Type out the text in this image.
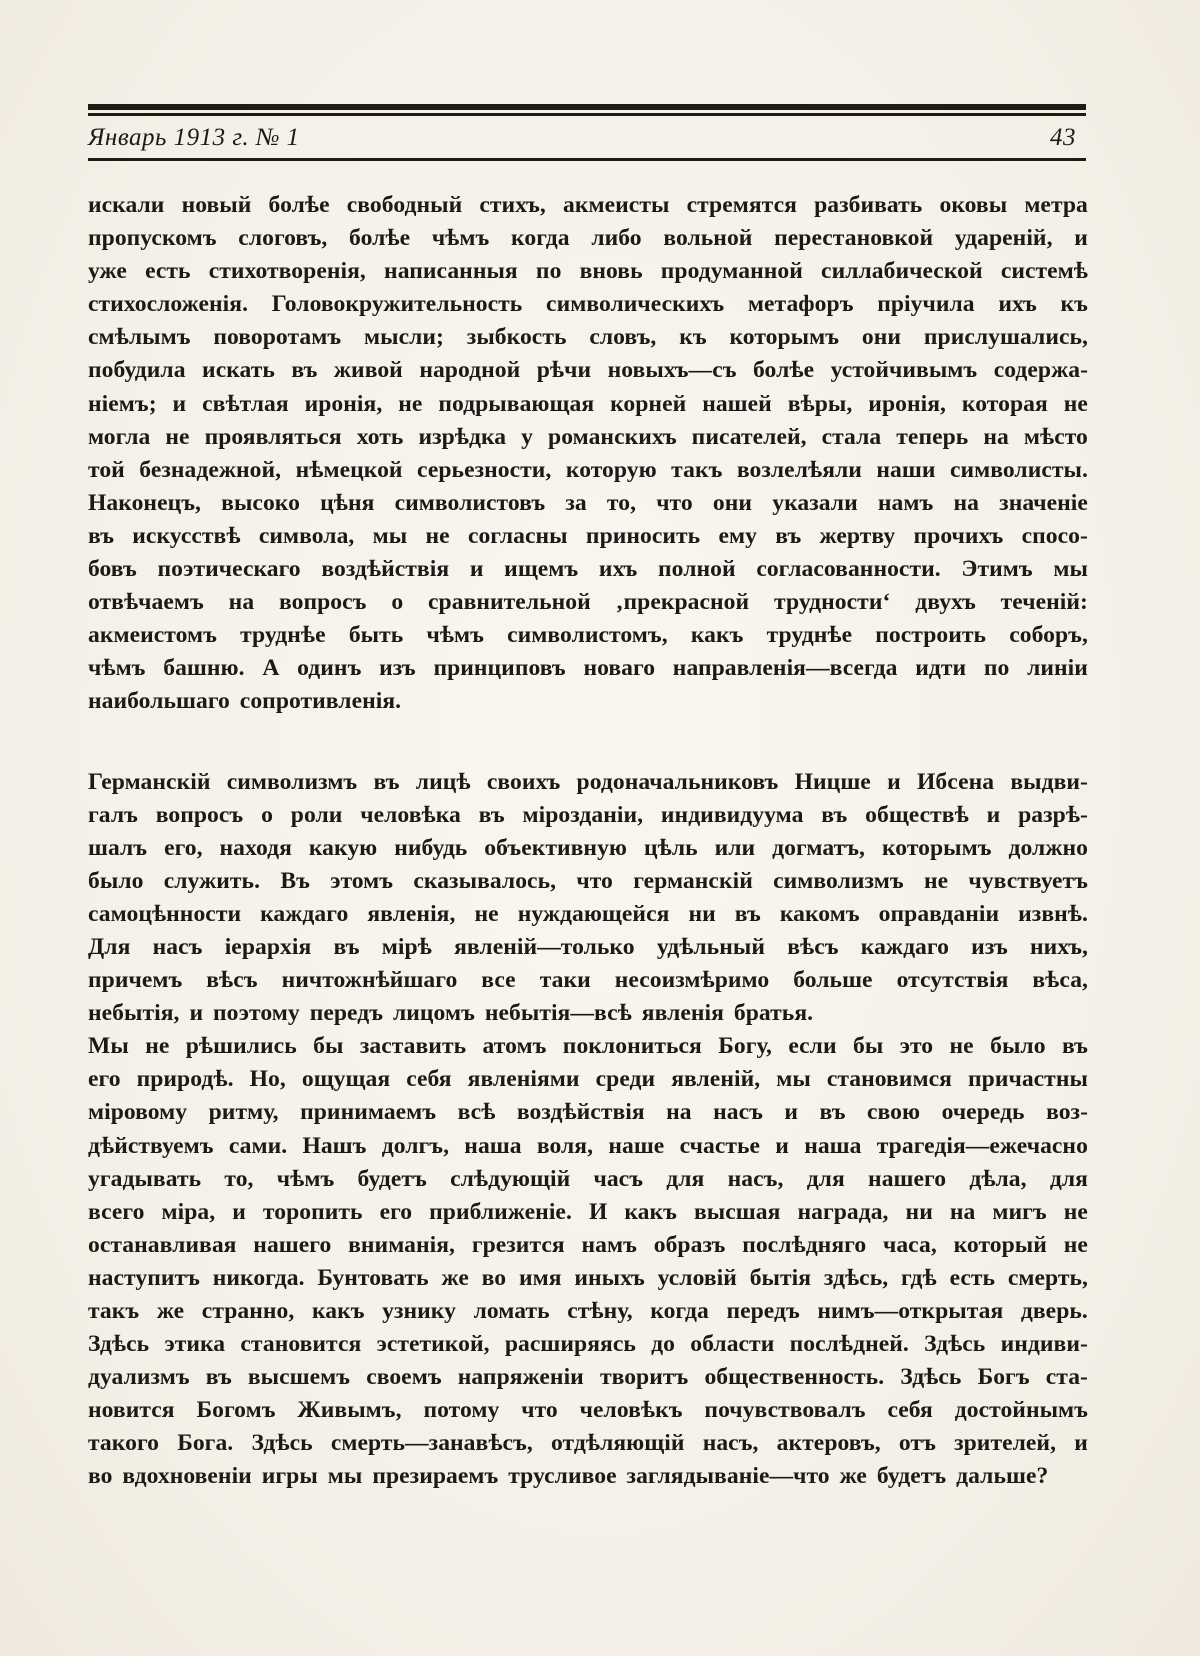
Январь 1913 г. № 1	43
искали новый болѣе свободный стихъ, акмеисты стремятся разбивать оковы метра
пропускомъ слоговъ, болѣе чѣмъ когда либо вольной перестановкой ударенiй, и
уже есть стихотворенiя, написанныя по вновь продуманной силлабической системѣ
стихосложенiя. Головокружительность символическихъ метафоръ прiучила ихъ къ
смѣлымъ поворотамъ мысли; зыбкость словъ, къ которымъ они прислушались,
побудила искать въ живой народной рѣчи новыхъ—съ болѣе устойчивымъ содержа-
нiемъ; и свѣтлая иронiя, не подрывающая корней нашей вѣры, иронiя, которая не
могла не проявляться хоть изрѣдка у романскихъ писателей, стала теперь на мѣсто
той безнадежной, нѣмецкой серьезности, которую такъ возлелѣяли наши символисты.
Наконецъ, высоко цѣня символистовъ за то, что они указали намъ на значенiе
въ искусствѣ символа, мы не согласны приносить ему въ жертву прочихъ спосо-
бовъ поэтическаго воздѣйствiя и ищемъ ихъ полной согласованности. Этимъ мы
отвѣчаемъ на вопросъ о сравнительной ‚прекрасной трудности‘ двухъ теченiй:
акмеистомъ труднѣе быть чѣмъ символистомъ, какъ труднѣе построить соборъ,
чѣмъ башню. А одинъ изъ принциповъ новаго направленiя—всегда идти по линiи
наибольшаго сопротивленiя.
Германскiй символизмъ въ лицѣ своихъ родоначальниковъ Ницше и Ибсена выдви-
галъ вопросъ о роли человѣка въ мiрозданiи, индивидуума въ обществѣ и разрѣ-
шалъ его, находя какую нибудь объективную цѣль или догматъ, которымъ должно
было служить. Въ этомъ сказывалось, что германскiй символизмъ не чувствуетъ
самоцѣнности каждаго явленiя, не нуждающейся ни въ какомъ оправданiи извнѣ.
Для насъ iерархiя въ мiрѣ явленiй—только удѣльный вѣсъ каждаго изъ нихъ,
причемъ вѣсъ ничтожнѣйшаго все таки несоизмѣримо больше отсутствiя вѣса,
небытiя, и поэтому передъ лицомъ небытiя—всѣ явленiя братья.
Мы не рѣшились бы заставить атомъ поклониться Богу, если бы это не было въ
его природѣ. Но, ощущая себя явленiями среди явленiй, мы становимся причастны
мiровому ритму, принимаемъ всѣ воздѣйствiя на насъ и въ свою очередь воз-
дѣйствуемъ сами. Нашъ долгъ, наша воля, наше счастье и наша трагедiя—ежечасно
угадывать то, чѣмъ будетъ слѣдующiй часъ для насъ, для нашего дѣла, для
всего мiра, и торопить его приближенiе. И какъ высшая награда, ни на мигъ не
останавливая нашего вниманiя, грезится намъ образъ послѣдняго часа, который не
наступитъ никогда. Бунтовать же во имя иныхъ условiй бытiя здѣсь, гдѣ есть смерть,
такъ же странно, какъ узнику ломать стѣну, когда передъ нимъ—открытая дверь.
Здѣсь этика становится эстетикой, расширяясь до области послѣдней. Здѣсь индиви-
дуализмъ въ высшемъ своемъ напряженiи творитъ общественность. Здѣсь Богъ ста-
новится Богомъ Живымъ, потому что человѣкъ почувствовалъ себя достойнымъ
такого Бога. Здѣсь смерть—занавѣсъ, отдѣляющiй насъ, актеровъ, отъ зрителей, и
во вдохновенiи игры мы презираемъ трусливое заглядыванiе—что же будетъ дальше?
